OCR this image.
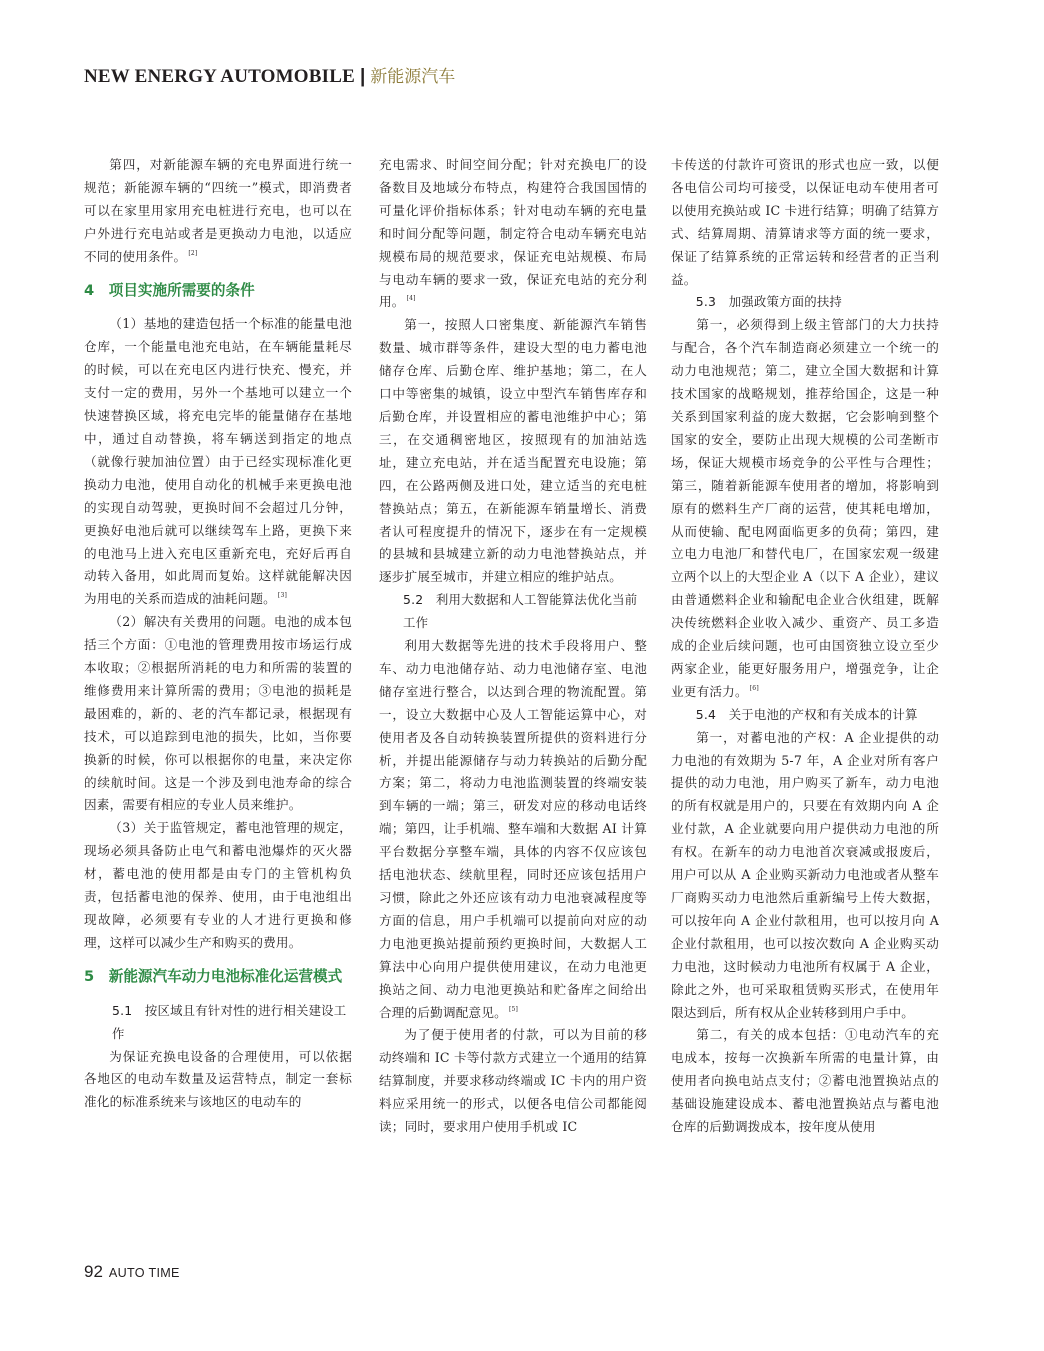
NEW ENERGY AUTOMOBILE | 新能源汽车

第四，对新能源车辆的充电界面进行统一规范；新能源车辆的“四统一”模式，即消费者可以在家里用家用充电桩进行充电，也可以在户外进行充电站或者是更换动力电池，以适应不同的使用条件。 [2]

4　项目实施所需要的条件

（1）基地的建造包括一个标准的能量电池仓库，一个能量电池充电站，在车辆能量耗尽的时候，可以在充电区内进行快充、慢充，并支付一定的费用，另外一个基地可以建立一个快速替换区域，将充电完毕的能量储存在基地中，通过自动替换，将车辆送到指定的地点（就像行驶加油位置）由于已经实现标准化更换动力电池，使用自动化的机械手来更换电池的实现自动驾驶，更换时间不会超过几分钟，更换好电池后就可以继续驾车上路，更换下来的电池马上进入充电区重新充电，充好后再自动转入备用，如此周而复始。这样就能解决因为用电的关系而造成的油耗问题。 [3]

（2）解决有关费用的问题。电池的成本包括三个方面：①电池的管理费用按市场运行成本收取；②根据所消耗的电力和所需的装置的维修费用来计算所需的费用；③电池的损耗是最困难的，新的、老的汽车都记录，根据现有技术，可以追踪到电池的损失，比如，当你要换新的时候，你可以根据你的电量，来决定你的续航时间。这是一个涉及到电池寿命的综合因素，需要有相应的专业人员来维护。

（3）关于监管规定，蓄电池管理的规定，现场必须具备防止电气和蓄电池爆炸的灭火器材，蓄电池的使用都是由专门的主管机构负责，包括蓄电池的保养、使用，由于电池组出现故障，必须要有专业的人才进行更换和修理，这样可以减少生产和购买的费用。

5　新能源汽车动力电池标准化运营模式
5.1　按区域且有针对性的进行相关建设工作

为保证充换电设备的合理使用，可以依据各地区的电动车数量及运营特点，制定一套标准化的标准系统来与该地区的电动车的

充电需求、时间空间分配；针对充换电厂的设备数目及地域分布特点，构建符合我国国情的可量化评价指标体系；针对电动车辆的充电量和时间分配等问题，制定符合电动车辆充电站规模布局的规范要求，保证充电站规模、布局与电动车辆的要求一致，保证充电站的充分利用。 [4]

第一，按照人口密集度、新能源汽车销售数量、城市群等条件，建设大型的电力蓄电池储存仓库、后勤仓库、维护基地；第二，在人口中等密集的城镇，设立中型汽车销售库存和后勤仓库，并设置相应的蓄电池维护中心；第三，在交通稠密地区，按照现有的加油站选址，建立充电站，并在适当配置充电设施；第四，在公路两侧及进口处，建立适当的充电桩替换站点；第五，在新能源车销量增长、消费者认可程度提升的情况下，逐步在有一定规模的县城和县城建立新的动力电池替换站点，并逐步扩展至城市，并建立相应的维护站点。

5.2　利用大数据和人工智能算法优化当前工作

利用大数据等先进的技术手段将用户、整车、动力电池储存站、动力电池储存室、电池储存室进行整合，以达到合理的物流配置。第一，设立大数据中心及人工智能运算中心，对使用者及各自动转换装置所提供的资料进行分析，并提出能源储存与动力转换站的后勤分配方案；第二，将动力电池监测装置的终端安装到车辆的一端；第三，研发对应的移动电话终端；第四，让手机端、整车端和大数据 AI 计算平台数据分享整车端，具体的内容不仅应该包括电池状态、续航里程，同时还应该包括用户习惯，除此之外还应该有动力电池衰减程度等方面的信息，用户手机端可以提前向对应的动力电池更换站提前预约更换时间，大数据人工算法中心向用户提供使用建议，在动力电池更换站之间、动力电池更换站和贮备库之间给出合理的后勤调配意见。 [5]

为了便于使用者的付款，可以为目前的移动终端和 IC 卡等付款方式建立一个通用的结算结算制度，并要求移动终端或 IC 卡内的用户资料应采用统一的形式，以便各电信公司都能阅读；同时，要求用户使用手机或 IC

卡传送的付款许可资讯的形式也应一致，以便各电信公司均可接受，以保证电动车使用者可以使用充换站或 IC 卡进行结算；明确了结算方式、结算周期、清算请求等方面的统一要求，保证了结算系统的正常运转和经营者的正当利益。

5.3　加强政策方面的扶持

第一，必须得到上级主管部门的大力扶持与配合，各个汽车制造商必须建立一个统一的动力电池规范；第二，建立全国大数据和计算技术国家的战略规划，推荐给国企，这是一种关系到国家利益的庞大数据，它会影响到整个国家的安全，要防止出现大规模的公司垄断市场，保证大规模市场竞争的公平性与合理性；第三，随着新能源车使用者的增加，将影响到原有的燃料生产厂商的运营，使其耗电增加，从而使输、配电网面临更多的负荷；第四，建立电力电池厂和替代电厂，在国家宏观一级建立两个以上的大型企业 A（以下 A 企业），建议由普通燃料企业和输配电企业合伙组建，既解决传统燃料企业收入减少、重资产、员工多造成的企业后续问题，也可由国资独立设立至少两家企业，能更好服务用户，增强竞争，让企业更有活力。 [6]

5.4　关于电池的产权和有关成本的计算

第一，对蓄电池的产权：A 企业提供的动力电池的有效期为 5-7 年，A 企业对所有客户提供的动力电池，用户购买了新车，动力电池的所有权就是用户的，只要在有效期内向 A 企业付款，A 企业就要向用户提供动力电池的所有权。在新车的动力电池首次衰减或报废后，用户可以从 A 企业购买新动力电池或者从整车厂商购买动力电池然后重新编号上传大数据，可以按年向 A 企业付款租用，也可以按月向 A 企业付款租用，也可以按次数向 A 企业购买动力电池，这时候动力电池所有权属于 A 企业，除此之外，也可采取租赁购买形式，在使用年限达到后，所有权从企业转移到用户手中。

第二，有关的成本包括：①电动汽车的充电成本，按每一次换新车所需的电量计算，由使用者向换电站点支付；②蓄电池置换站点的基础设施建设成本、蓄电池置换站点与蓄电池仓库的后勤调拨成本，按年度从使用

92 AUTO TIME
